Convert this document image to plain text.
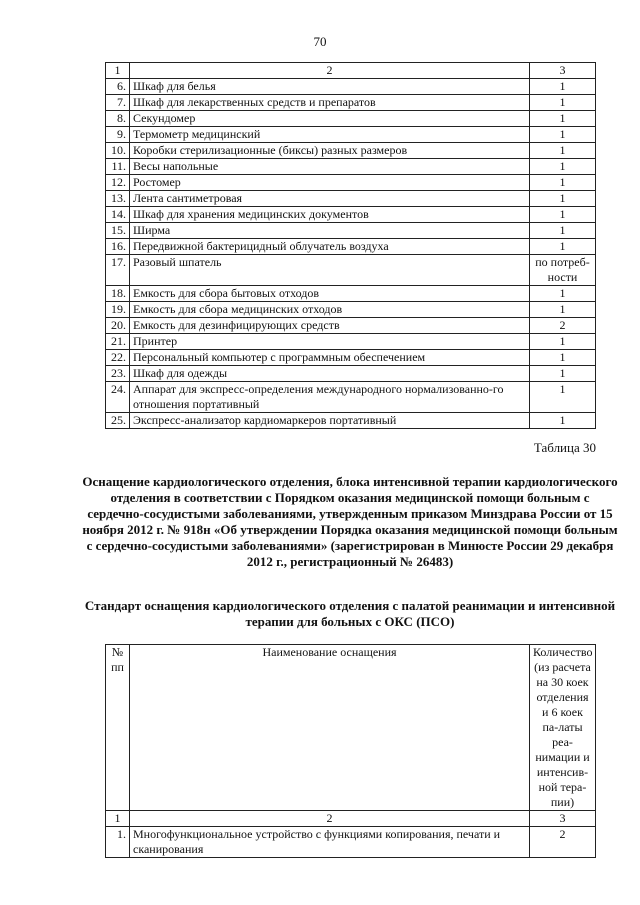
70
1	2	3
6.	Шкаф для белья	1
7.	Шкаф для лекарственных средств и препаратов	1
8.	Секундомер	1
9.	Термометр медицинский	1
10.	Коробки стерилизационные (биксы) разных размеров	1
11.	Весы напольные	1
12.	Ростомер	1
13.	Лента сантиметровая	1
14.	Шкаф для хранения медицинских документов	1
15.	Ширма	1
16.	Передвижной бактерицидный облучатель воздуха	1
17.	Разовый шпатель	по потреб-ности
18.	Емкость для сбора бытовых отходов	1
19.	Емкость для сбора медицинских отходов	1
20.	Емкость для дезинфицирующих средств	2
21.	Принтер	1
22.	Персональный компьютер с программным обеспечением	1
23.	Шкаф для одежды	1
24.	Аппарат для экспресс-определения международного нормализованно-го отношения портативный	1
25.	Экспресс-анализатор кардиомаркеров портативный	1
Таблица 30
Оснащение кардиологического отделения, блока интенсивной терапии кардиологического отделения в соответствии с Порядком оказания медицинской помощи больным с сердечно-сосудистыми заболеваниями, утвержденным приказом Минздрава России от 15 ноября 2012 г. № 918н «Об утверждении Порядка оказания медицинской помощи больным с сердечно-сосудистыми заболеваниями» (зарегистрирован в Минюсте России 29 декабря 2012 г., регистрационный № 26483)
Стандарт оснащения кардиологического отделения с палатой реанимации и интенсивной терапии для больных с ОКС (ПСО)
№ пп	Наименование оснащения	Количество (из расчета на 30 коек отделения и 6 коек па-латы реа-нимации и интенсив-ной тера-пии)
1	2	3
1.	Многофункциональное устройство с функциями копирования, печати и сканирования	2
